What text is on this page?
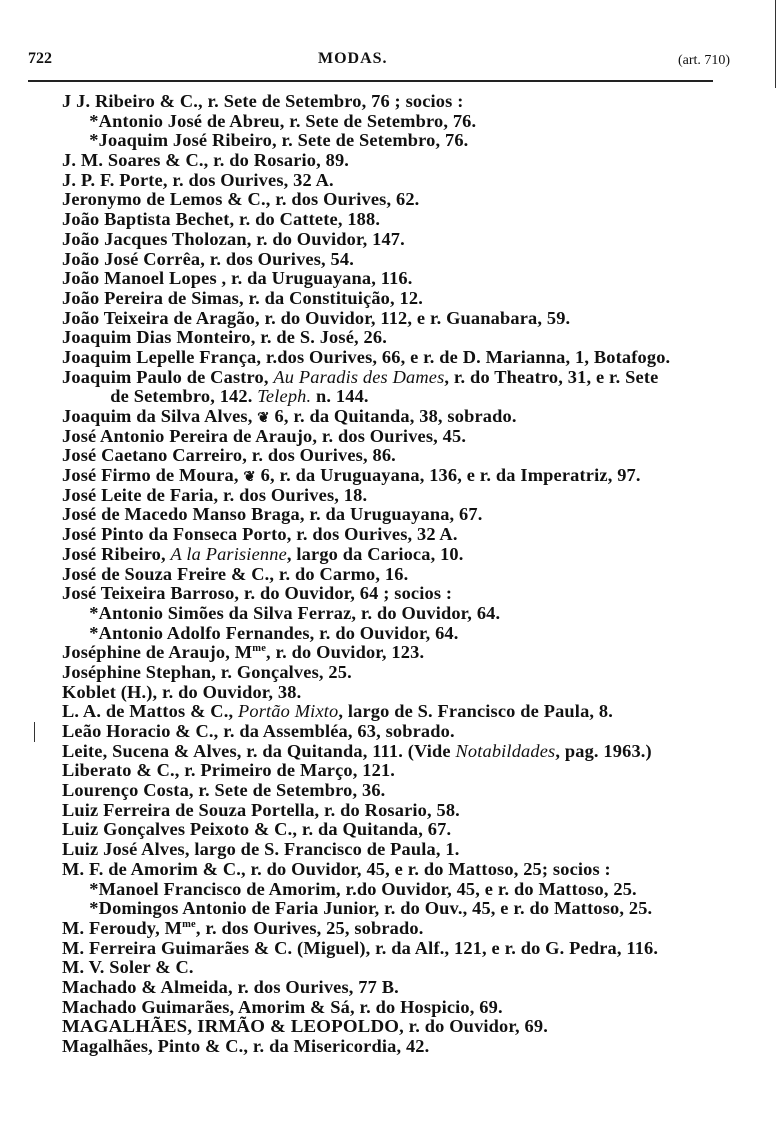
722	MODAS.	(art. 710)
J J. Ribeiro & C., r. Sete de Setembro, 76 ; socios :
*Antonio José de Abreu, r. Sete de Setembro, 76.
*Joaquim José Ribeiro, r. Sete de Setembro, 76.
J. M. Soares & C., r. do Rosario, 89.
J. P. F. Porte, r. dos Ourives, 32 A.
Jeronymo de Lemos & C., r. dos Ourives, 62.
João Baptista Bechet, r. do Cattete, 188.
João Jacques Tholozan, r. do Ouvidor, 147.
João José Corrêa, r. dos Ourives, 54.
João Manoel Lopes , r. da Uruguayana, 116.
João Pereira de Simas, r. da Constituição, 12.
João Teixeira de Aragão, r. do Ouvidor, 112, e r. Guanabara, 59.
Joaquim Dias Monteiro, r. de S. José, 26.
Joaquim Lepelle França, r.dos Ourives, 66, e r. de D. Marianna, 1, Botafogo.
Joaquim Paulo de Castro, Au Paradis des Dames, r. do Theatro, 31, e r. Sete
de Setembro, 142. Teleph. n. 144.
Joaquim da Silva Alves, ❦ 6, r. da Quitanda, 38, sobrado.
José Antonio Pereira de Araujo, r. dos Ourives, 45.
José Caetano Carreiro, r. dos Ourives, 86.
José Firmo de Moura, ❦ 6, r. da Uruguayana, 136, e r. da Imperatriz, 97.
José Leite de Faria, r. dos Ourives, 18.
José de Macedo Manso Braga, r. da Uruguayana, 67.
José Pinto da Fonseca Porto, r. dos Ourives, 32 A.
José Ribeiro, A la Parisienne, largo da Carioca, 10.
José de Souza Freire & C., r. do Carmo, 16.
José Teixeira Barroso, r. do Ouvidor, 64 ; socios :
*Antonio Simões da Silva Ferraz, r. do Ouvidor, 64.
*Antonio Adolfo Fernandes, r. do Ouvidor, 64.
Joséphine de Araujo, $M^{me}$, r. do Ouvidor, 123.
Joséphine Stephan, r. Gonçalves, 25.
Koblet (H.), r. do Ouvidor, 38.
L. A. de Mattos & C., Portão Mixto, largo de S. Francisco de Paula, 8.
Leão Horacio & C., r. da Assembléa, 63, sobrado.
Leite, Sucena & Alves, r. da Quitanda, 111. (Vide Notabildades, pag. 1963.)
Liberato & C., r. Primeiro de Março, 121.
Lourenço Costa, r. Sete de Setembro, 36.
Luiz Ferreira de Souza Portella, r. do Rosario, 58.
Luiz Gonçalves Peixoto & C., r. da Quitanda, 67.
Luiz José Alves, largo de S. Francisco de Paula, 1.
M. F. de Amorim & C., r. do Ouvidor, 45, e r. do Mattoso, 25; socios :
*Manoel Francisco de Amorim, r.do Ouvidor, 45, e r. do Mattoso, 25.
*Domingos Antonio de Faria Junior, r. do Ouv., 45, e r. do Mattoso, 25.
M. Feroudy, $M^{me}$, r. dos Ourives, 25, sobrado.
M. Ferreira Guimarães & C. (Miguel), r. da Alf., 121, e r. do G. Pedra, 116.
M. V. Soler & C.
Machado & Almeida, r. dos Ourives, 77 B.
Machado Guimarães, Amorim & Sá, r. do Hospicio, 69.
MAGALHÃES, IRMÃO & LEOPOLDO, r. do Ouvidor, 69.
Magalhães, Pinto & C., r. da Misericordia, 42.
